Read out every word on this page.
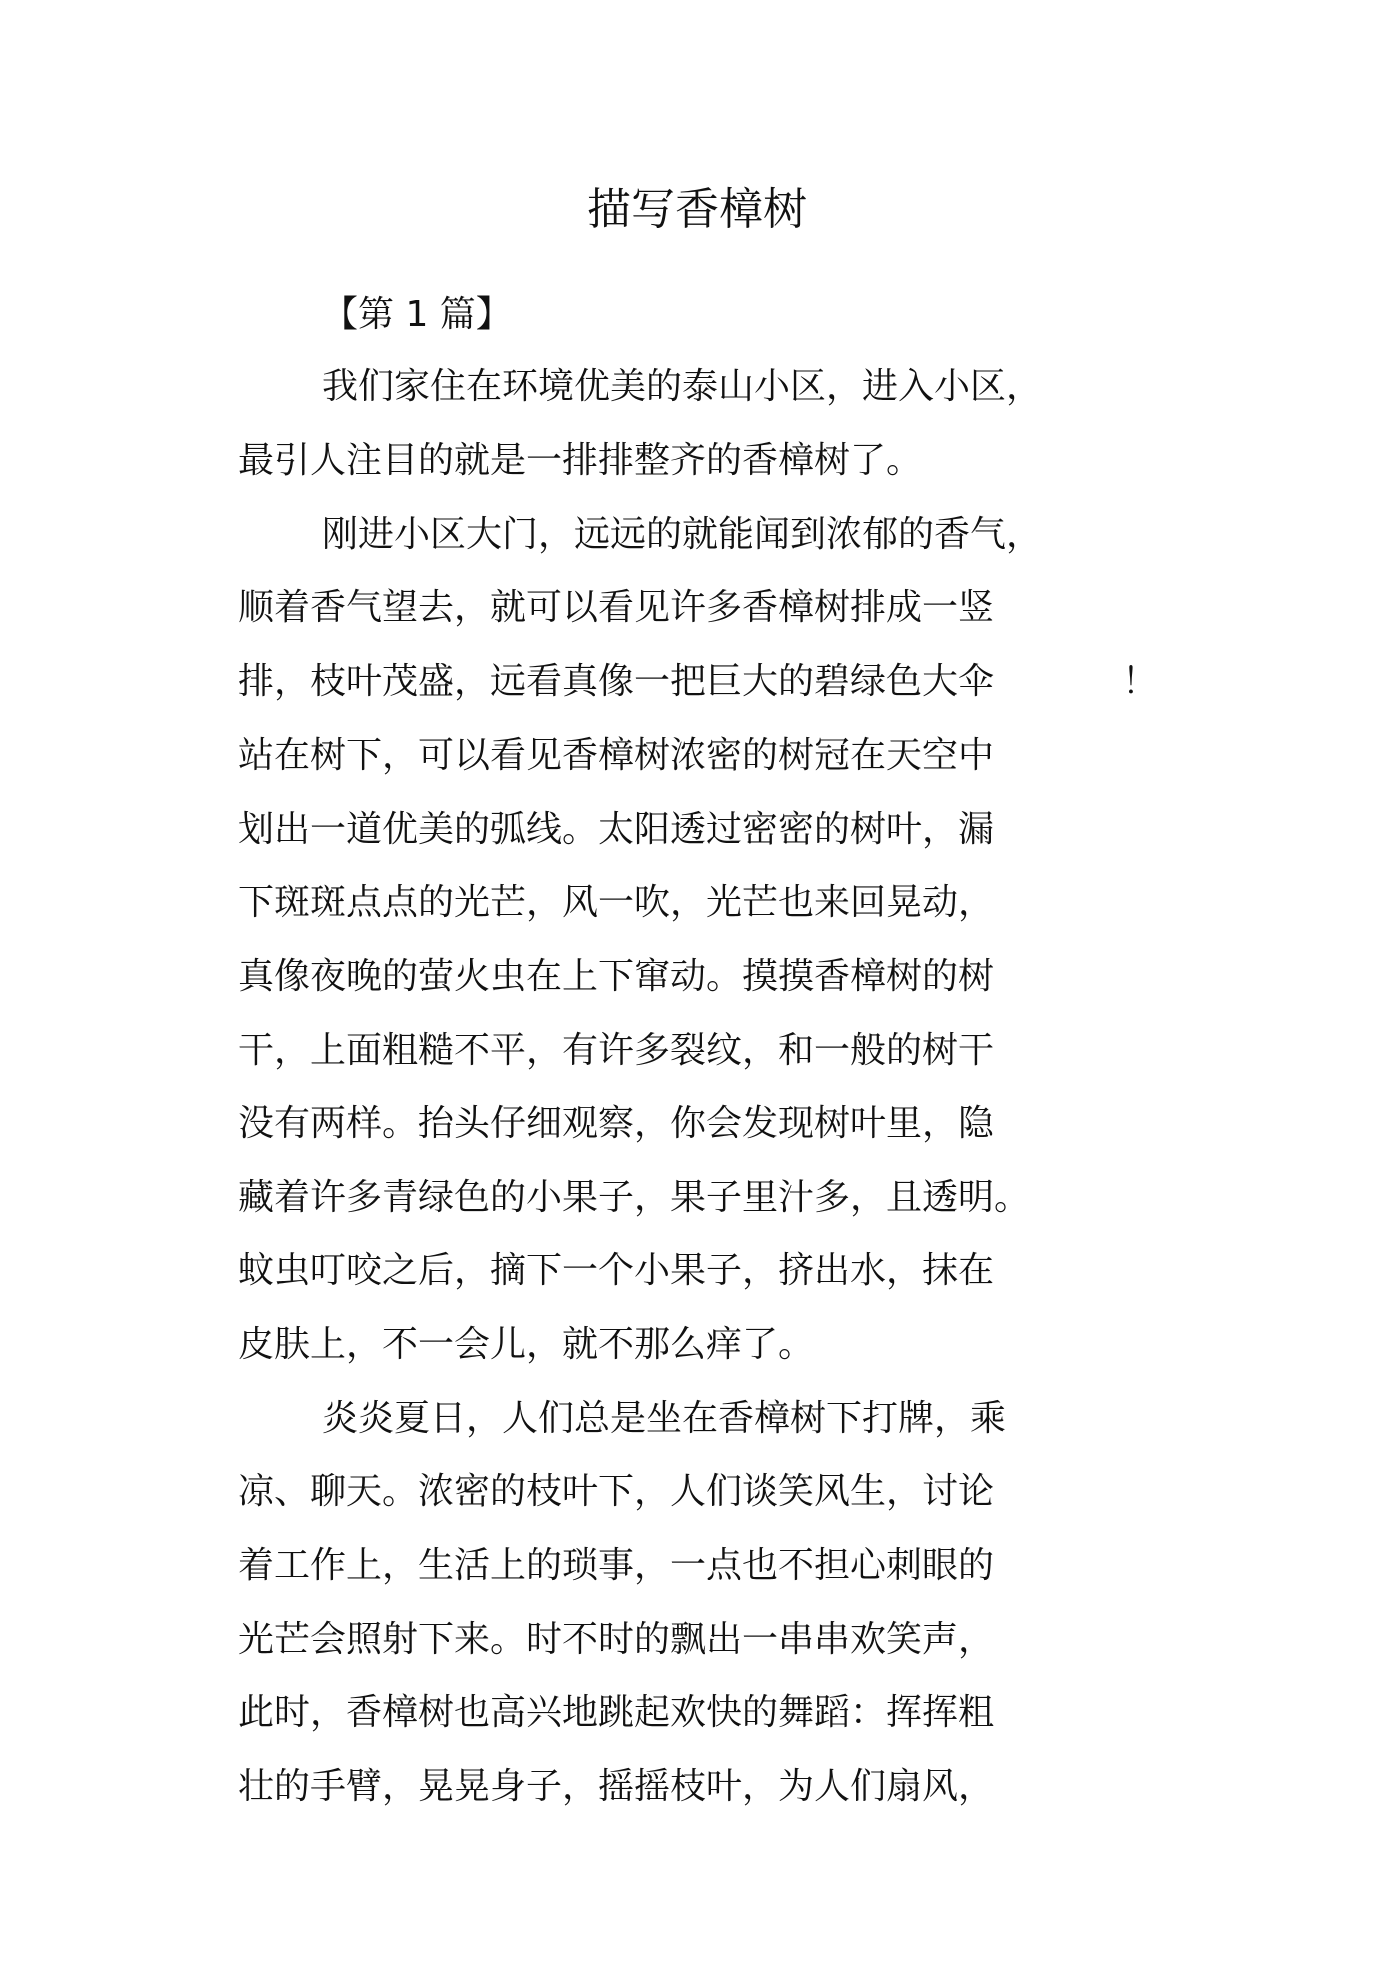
描写香樟树

【第 1 篇】

我们家住在环境优美的泰山小区，进入小区，

最引人注目的就是一排排整齐的香樟树了。

刚进小区大门，远远的就能闻到浓郁的香气，

顺着香气望去，就可以看见许多香樟树排成一竖

排，枝叶茂盛，远看真像一把巨大的碧绿色大伞	！

站在树下，可以看见香樟树浓密的树冠在天空中

划出一道优美的弧线。太阳透过密密的树叶，漏

下斑斑点点的光芒，风一吹，光芒也来回晃动，

真像夜晚的萤火虫在上下窜动。摸摸香樟树的树

干，上面粗糙不平，有许多裂纹，和一般的树干

没有两样。抬头仔细观察，你会发现树叶里，隐

藏着许多青绿色的小果子，果子里汁多，且透明。

蚊虫叮咬之后，摘下一个小果子，挤出水，抹在

皮肤上，不一会儿，就不那么痒了。

炎炎夏日，人们总是坐在香樟树下打牌，乘

凉、聊天。浓密的枝叶下，人们谈笑风生，讨论

着工作上，生活上的琐事，一点也不担心刺眼的

光芒会照射下来。时不时的飘出一串串欢笑声，

此时，香樟树也高兴地跳起欢快的舞蹈：挥挥粗

壮的手臂，晃晃身子，摇摇枝叶，为人们扇风，
